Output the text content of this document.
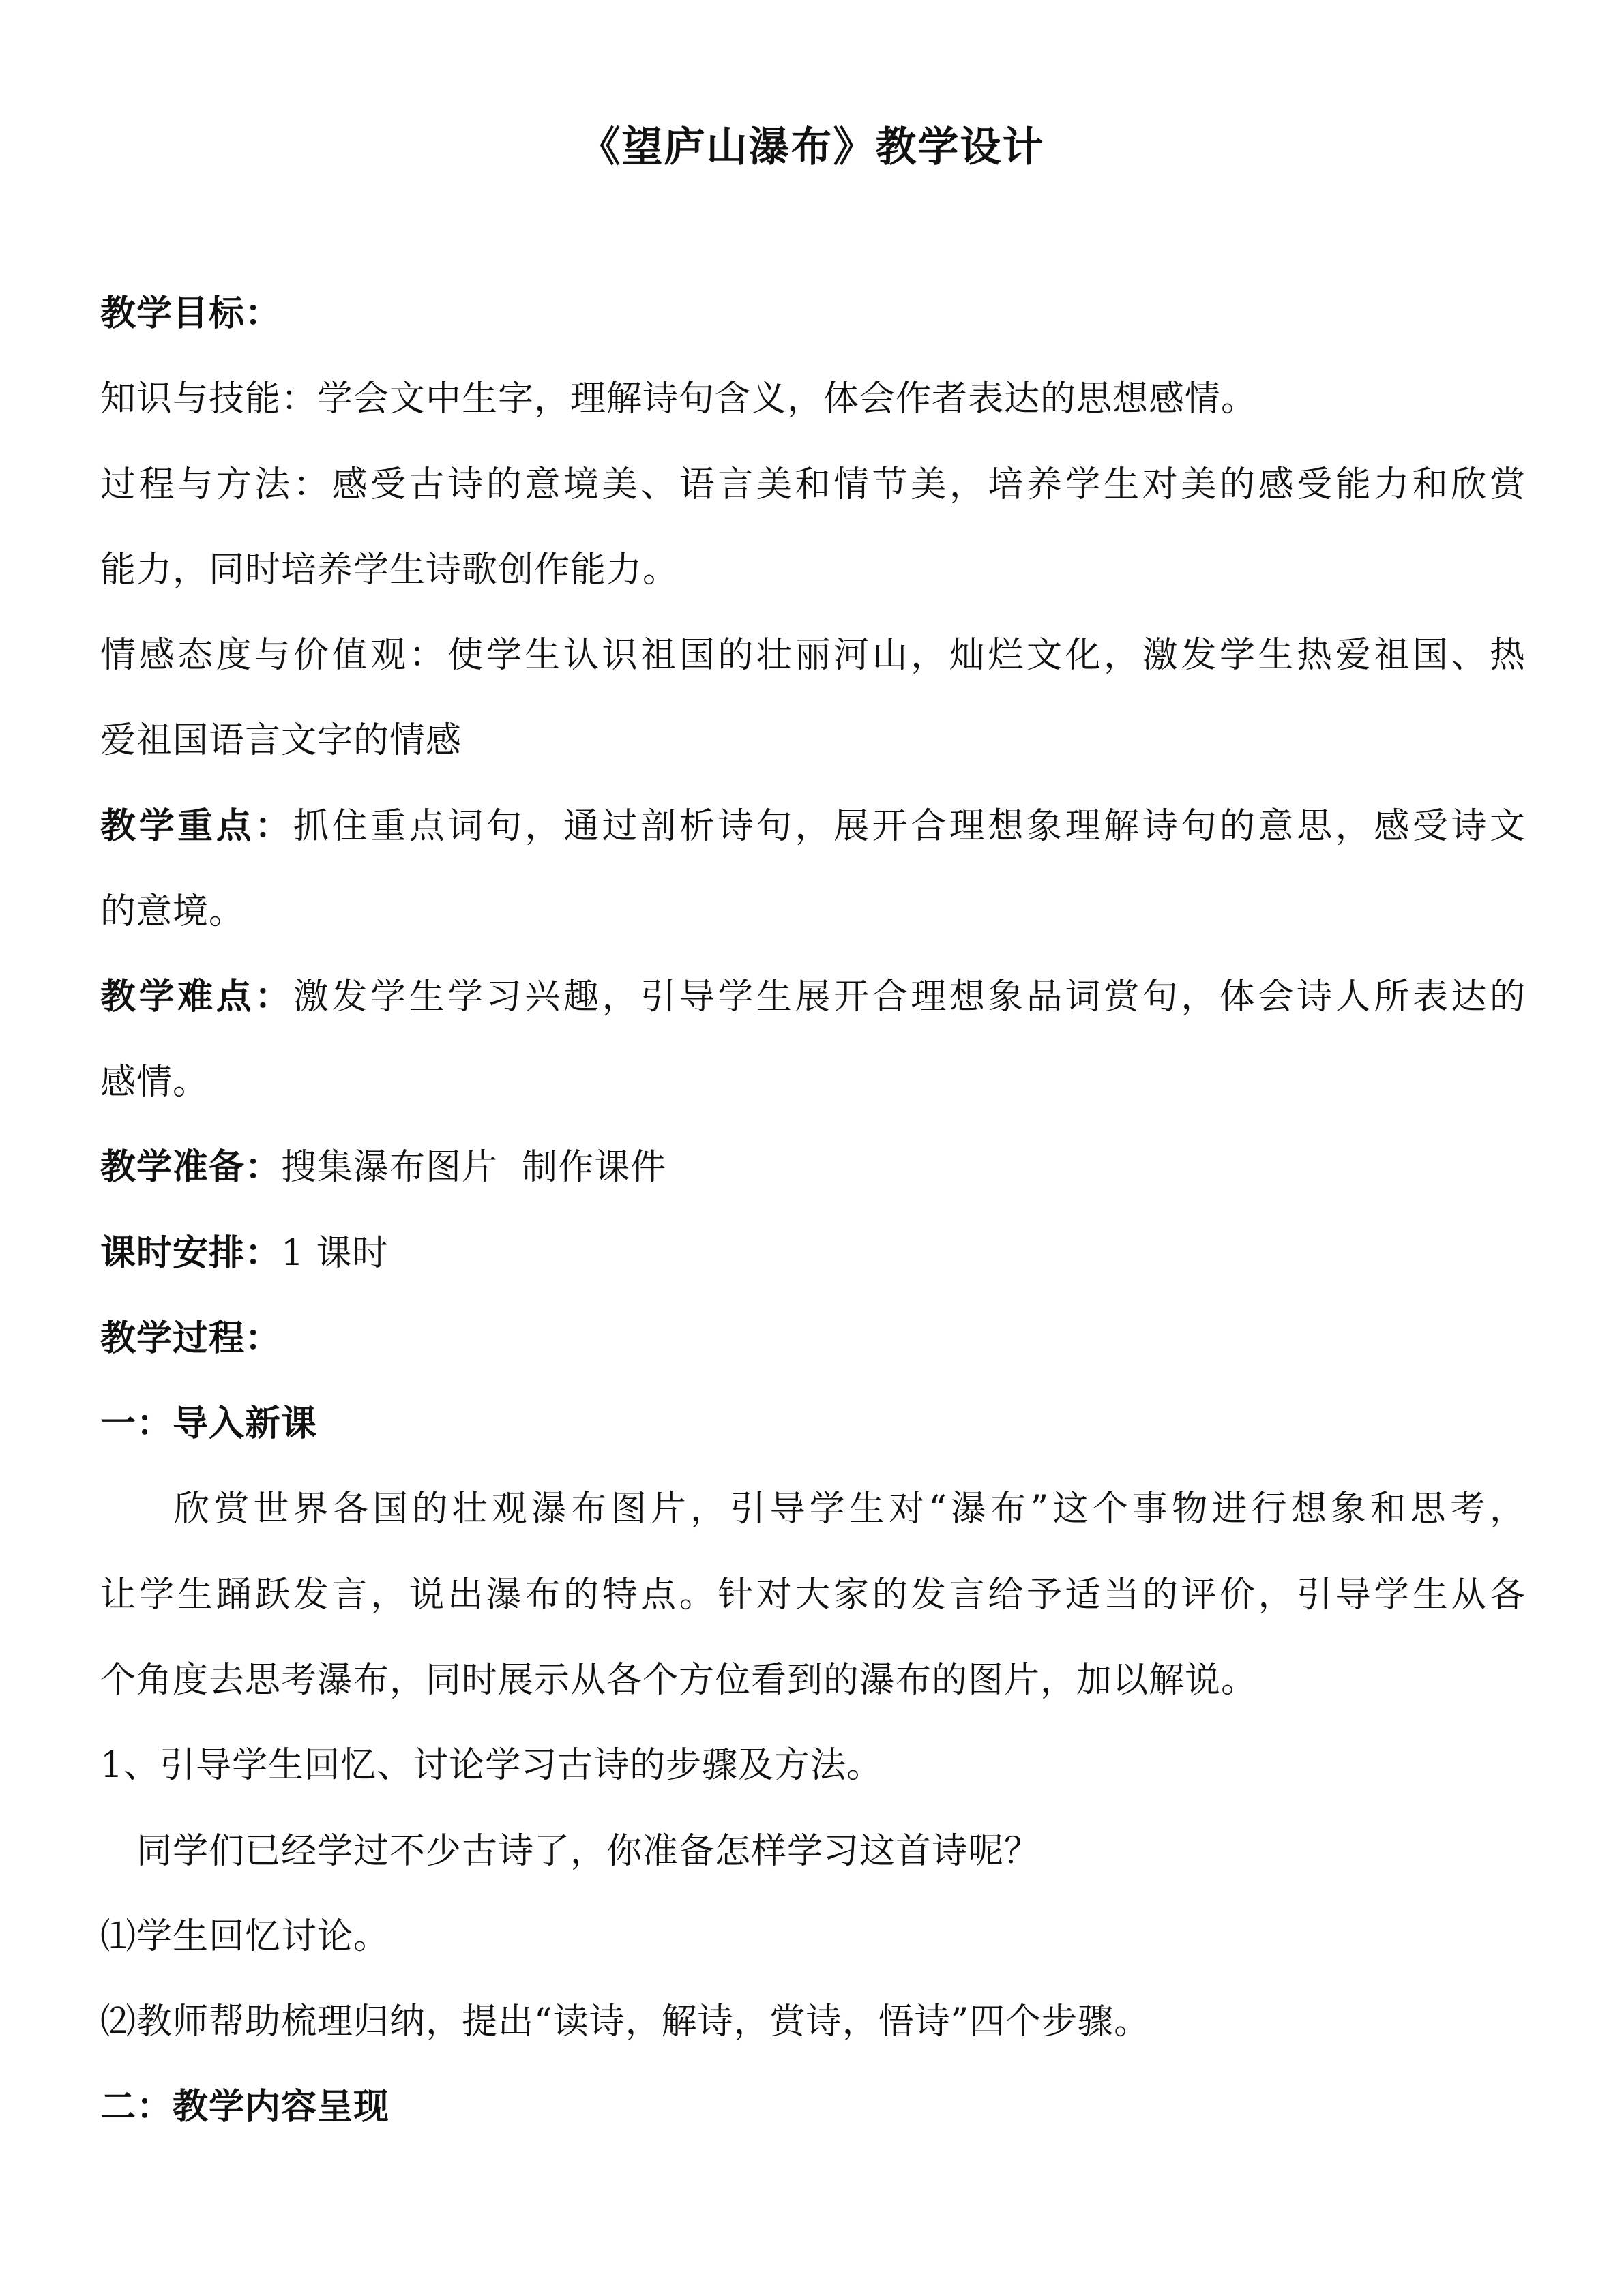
《望庐山瀑布》教学设计
教学目标：
知识与技能：学会文中生字，理解诗句含义，体会作者表达的思想感情。
过程与方法：感受古诗的意境美、语言美和情节美，培养学生对美的感受能力和欣赏
能力，同时培养学生诗歌创作能力。
情感态度与价值观：使学生认识祖国的壮丽河山，灿烂文化，激发学生热爱祖国、热
爱祖国语言文字的情感
教学重点：抓住重点词句，通过剖析诗句，展开合理想象理解诗句的意思，感受诗文
的意境。
教学难点：激发学生学习兴趣，引导学生展开合理想象品词赏句，体会诗人所表达的
感情。
教学准备：搜集瀑布图片  制作课件
课时安排：1 课时
教学过程：
一：导入新课
欣赏世界各国的壮观瀑布图片，引导学生对“瀑布”这个事物进行想象和思考，
让学生踊跃发言，说出瀑布的特点。针对大家的发言给予适当的评价，引导学生从各
个角度去思考瀑布，同时展示从各个方位看到的瀑布的图片，加以解说。
1、引导学生回忆、讨论学习古诗的步骤及方法。
同学们已经学过不少古诗了，你准备怎样学习这首诗呢？
⑴学生回忆讨论。
⑵教师帮助梳理归纳，提出“读诗，解诗，赏诗，悟诗”四个步骤。
二：教学内容呈现
